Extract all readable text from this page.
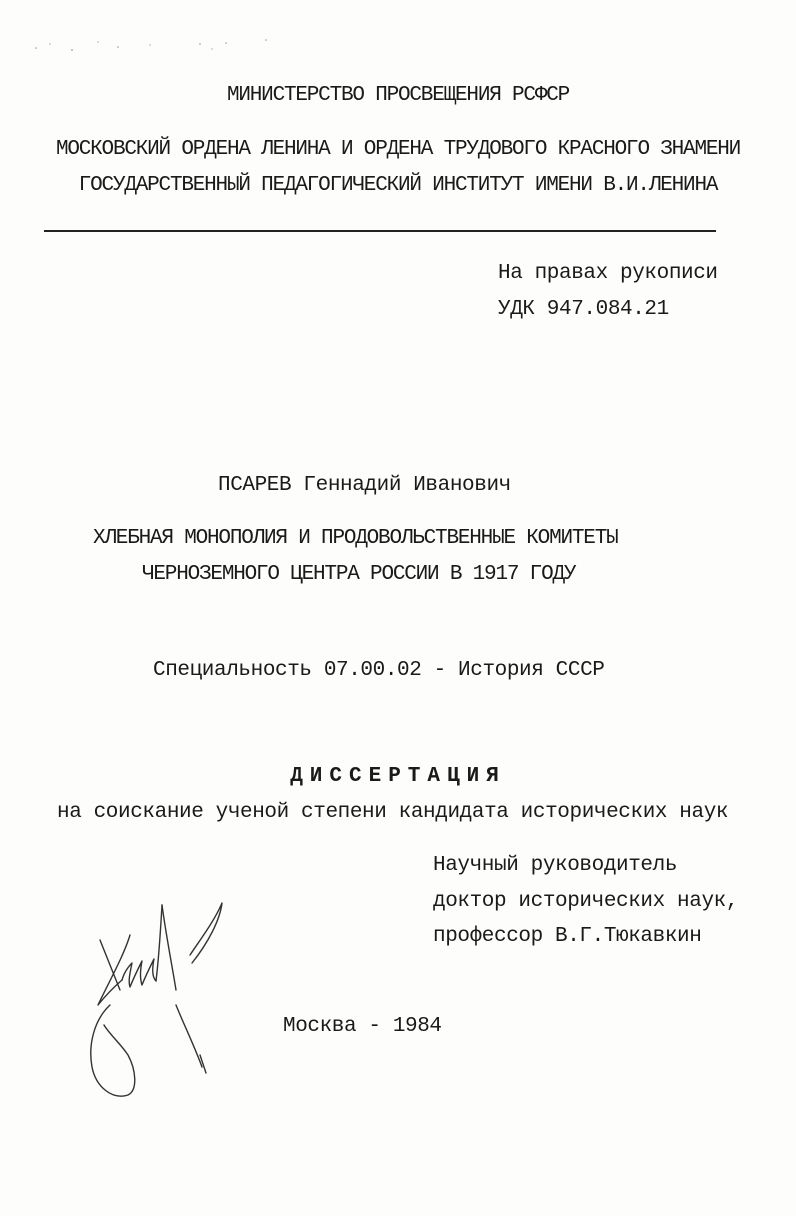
МИНИСТЕРСТВО ПРОСВЕЩЕНИЯ РСФСР
МОСКОВСКИЙ ОРДЕНА ЛЕНИНА И ОРДЕНА ТРУДОВОГО КРАСНОГО ЗНАМЕНИ
ГОСУДАРСТВЕННЫЙ ПЕДАГОГИЧЕСКИЙ ИНСТИТУТ ИМЕНИ В.И.ЛЕНИНА
На правах рукописи
УДК 947.084.21
ПСАРЕВ Геннадий Иванович
ХЛЕБНАЯ МОНОПОЛИЯ И ПРОДОВОЛЬСТВЕННЫЕ КОМИТЕТЫ
ЧЕРНОЗЕМНОГО ЦЕНТРА РОССИИ В 1917 ГОДУ
Специальность 07.00.02 - История СССР
ДИССЕРТАЦИЯ
на соискание ученой степени кандидата исторических наук
Научный руководитель
доктор исторических наук,
профессор В.Г.Тюкавкин
Москва - 1984
